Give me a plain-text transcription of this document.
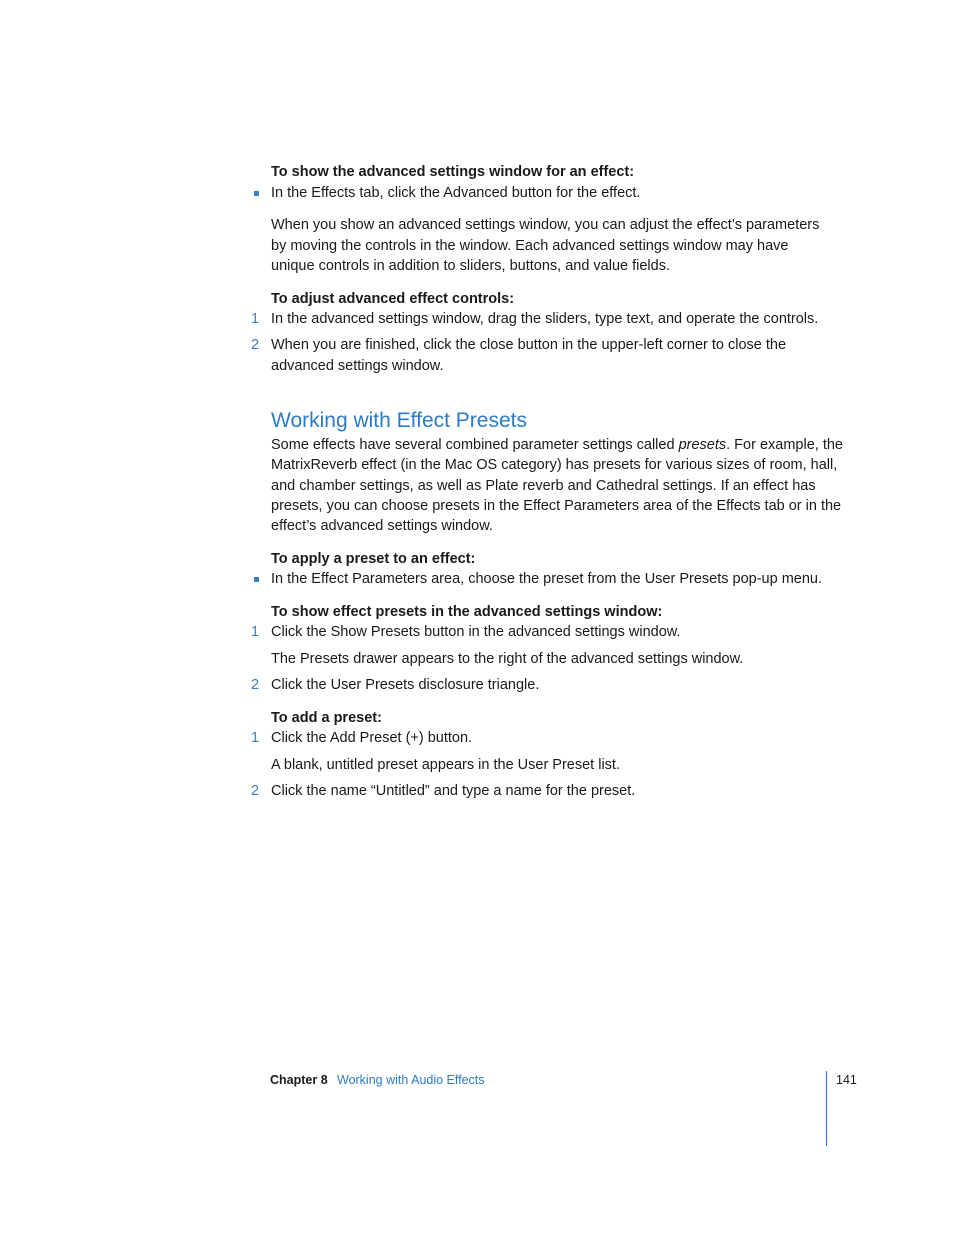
To show the advanced settings window for an effect:
In the Effects tab, click the Advanced button for the effect.
When you show an advanced settings window, you can adjust the effect’s parameters
by moving the controls in the window. Each advanced settings window may have
unique controls in addition to sliders, buttons, and value fields.
To adjust advanced effect controls:
1 In the advanced settings window, drag the sliders, type text, and operate the controls.
2 When you are finished, click the close button in the upper-left corner to close the
advanced settings window.
Working with Effect Presets
Some effects have several combined parameter settings called presets. For example, the
MatrixReverb effect (in the Mac OS category) has presets for various sizes of room, hall,
and chamber settings, as well as Plate reverb and Cathedral settings. If an effect has
presets, you can choose presets in the Effect Parameters area of the Effects tab or in the
effect’s advanced settings window.
To apply a preset to an effect:
In the Effect Parameters area, choose the preset from the User Presets pop-up menu.
To show effect presets in the advanced settings window:
1 Click the Show Presets button in the advanced settings window.
The Presets drawer appears to the right of the advanced settings window.
2 Click the User Presets disclosure triangle.
To add a preset:
1 Click the Add Preset (+) button.
A blank, untitled preset appears in the User Preset list.
2 Click the name “Untitled” and type a name for the preset.
Chapter 8 Working with Audio Effects	141
